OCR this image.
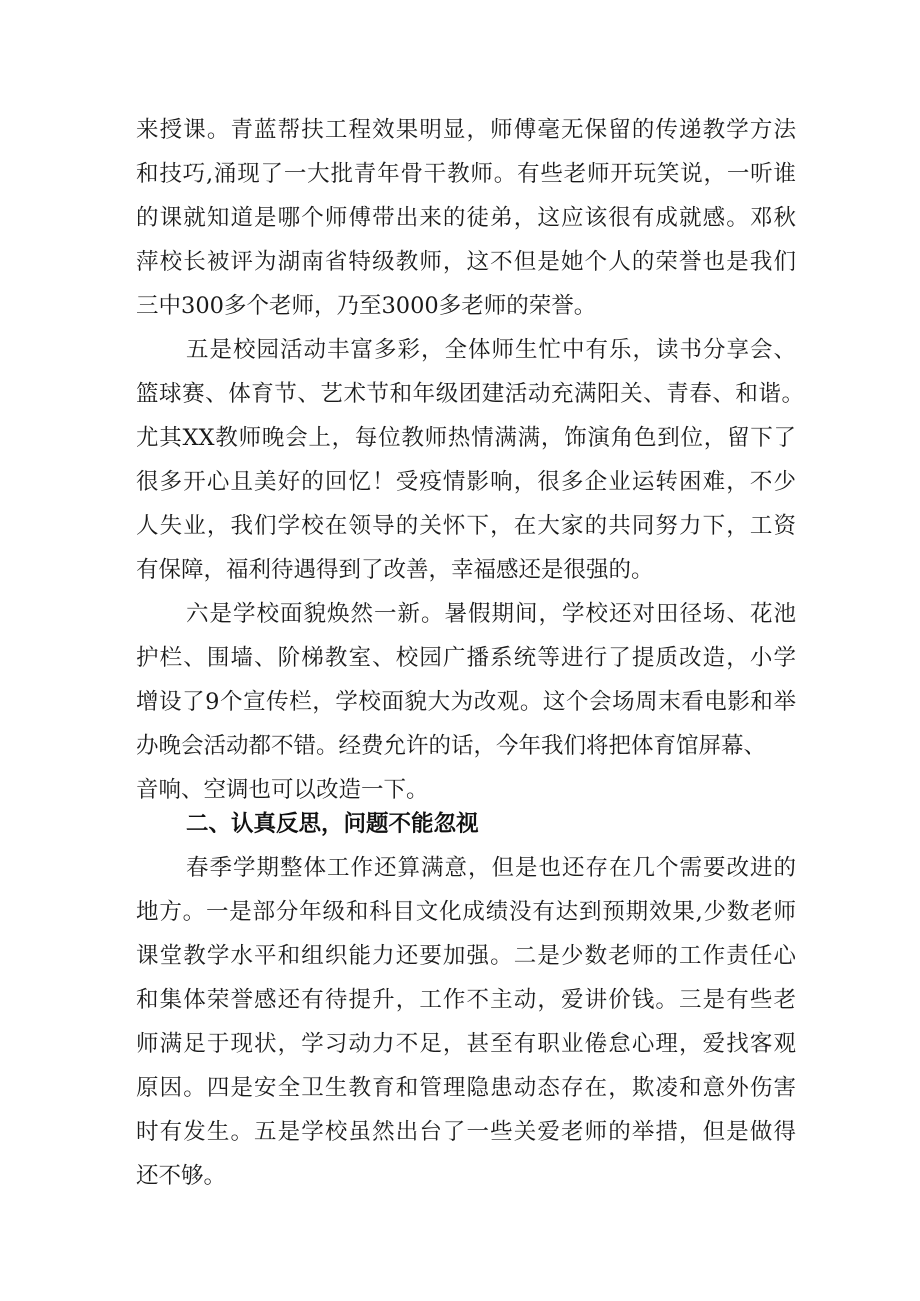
来授课。青蓝帮扶工程效果明显，师傅毫无保留的传递教学方法
和技巧,涌现了一大批青年骨干教师。有些老师开玩笑说，一听谁
的课就知道是哪个师傅带出来的徒弟，这应该很有成就感。邓秋
萍校长被评为湖南省特级教师，这不但是她个人的荣誉也是我们
三中300多个老师，乃至3000多老师的荣誉。
五是校园活动丰富多彩，全体师生忙中有乐，读书分享会、
篮球赛、体育节、艺术节和年级团建活动充满阳关、青春、和谐。
尤其XX教师晚会上，每位教师热情满满，饰演角色到位，留下了
很多开心且美好的回忆！受疫情影响，很多企业运转困难，不少
人失业，我们学校在领导的关怀下，在大家的共同努力下，工资
有保障，福利待遇得到了改善，幸福感还是很强的。
六是学校面貌焕然一新。暑假期间，学校还对田径场、花池
护栏、围墙、阶梯教室、校园广播系统等进行了提质改造，小学
增设了9个宣传栏，学校面貌大为改观。这个会场周末看电影和举
办晚会活动都不错。经费允许的话，今年我们将把体育馆屏幕、
音响、空调也可以改造一下。
二、认真反思，问题不能忽视
春季学期整体工作还算满意，但是也还存在几个需要改进的
地方。一是部分年级和科目文化成绩没有达到预期效果,少数老师
课堂教学水平和组织能力还要加强。二是少数老师的工作责任心
和集体荣誉感还有待提升，工作不主动，爱讲价钱。三是有些老
师满足于现状，学习动力不足，甚至有职业倦怠心理，爱找客观
原因。四是安全卫生教育和管理隐患动态存在，欺凌和意外伤害
时有发生。五是学校虽然出台了一些关爱老师的举措，但是做得
还不够。
